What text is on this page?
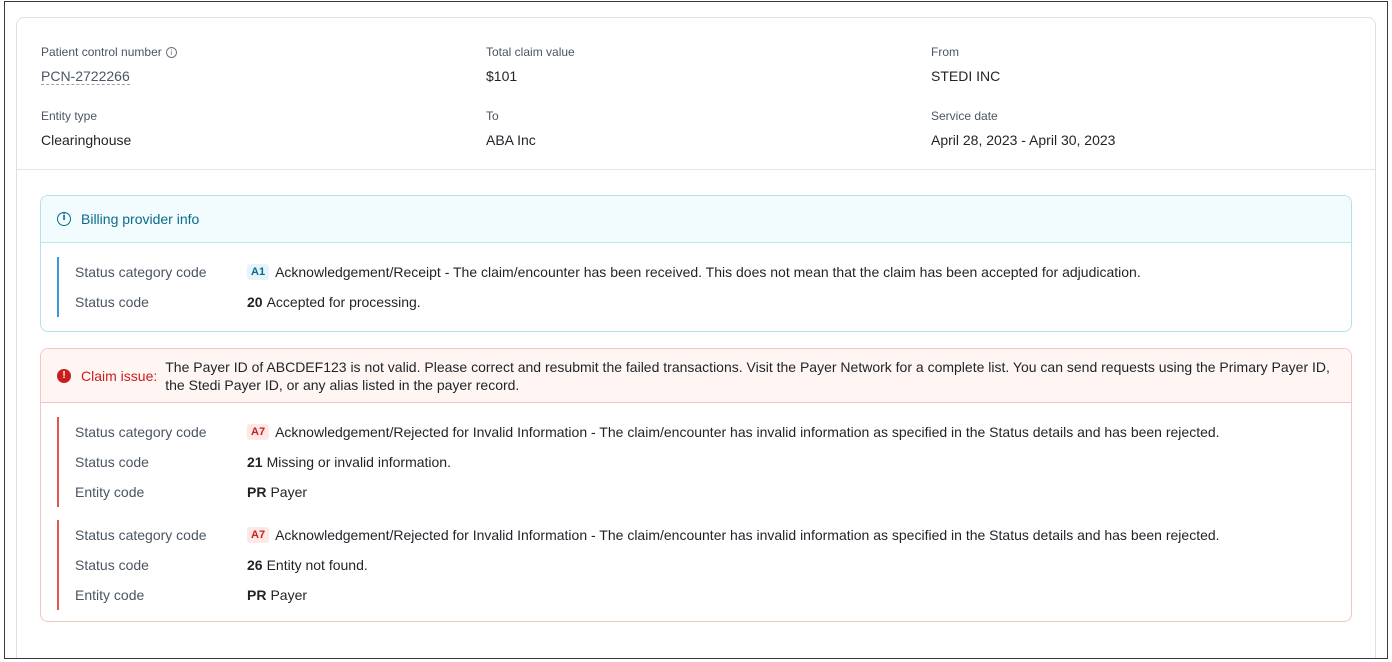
Patient control number	i
PCN-2722266
Total claim value
$101
From
STEDI INC
Entity type
Clearinghouse
To
ABA Inc
Service date
April 28, 2023 - April 30, 2023
i	Billing provider info
Status category code	A1 Acknowledgement/Receipt - The claim/encounter has been received. This does not mean that the claim has been accepted for adjudication.
Status code	20 Accepted for processing.
!	Claim issue:
The Payer ID of ABCDEF123 is not valid. Please correct and resubmit the failed transactions. Visit the Payer Network for a complete list. You can send requests using the Primary Payer ID, the Stedi Payer ID, or any alias listed in the payer record.
Status category code	A7 Acknowledgement/Rejected for Invalid Information - The claim/encounter has invalid information as specified in the Status details and has been rejected.
Status code	21 Missing or invalid information.
Entity code	PR Payer
Status category code	A7 Acknowledgement/Rejected for Invalid Information - The claim/encounter has invalid information as specified in the Status details and has been rejected.
Status code	26 Entity not found.
Entity code	PR Payer
